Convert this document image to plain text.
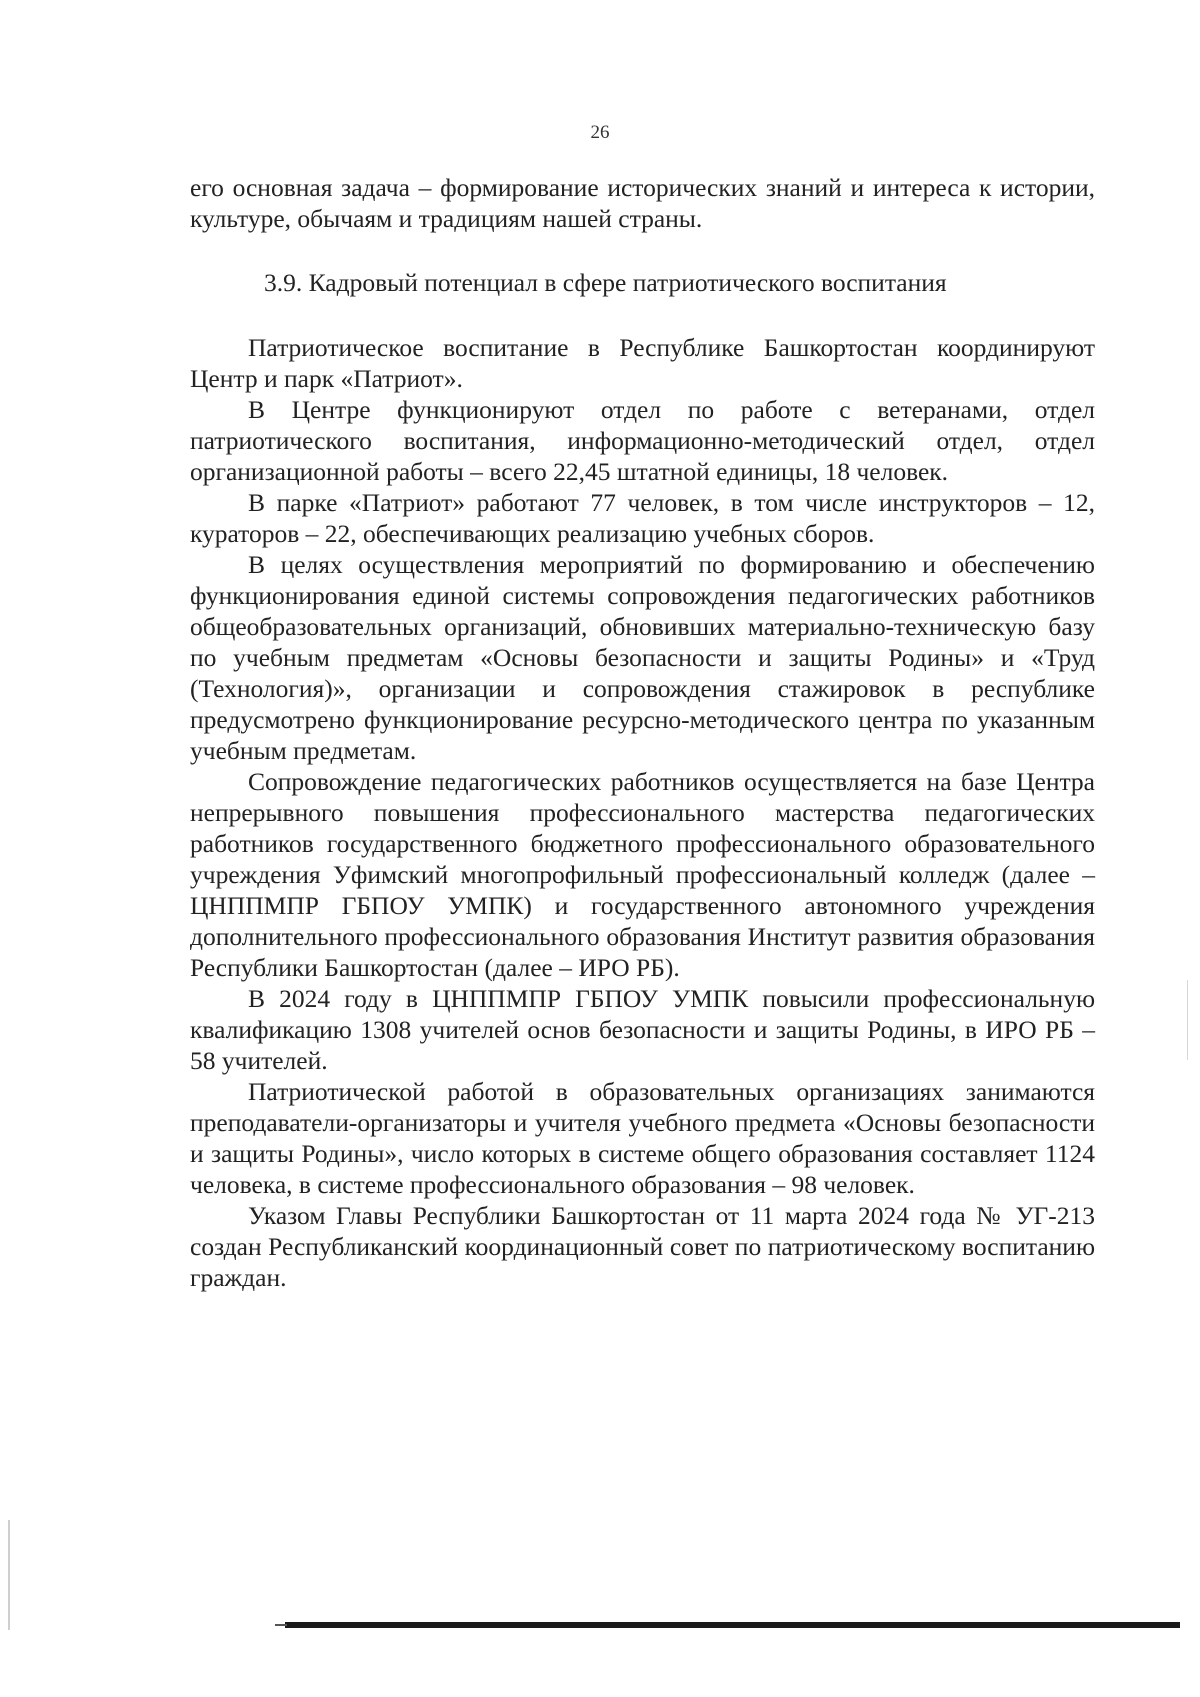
26

его основная задача – формирование исторических знаний и интереса к истории, культуре, обычаям и традициям нашей страны.

3.9. Кадровый потенциал в сфере патриотического воспитания

Патриотическое воспитание в Республике Башкортостан координируют Центр и парк «Патриот».

В Центре функционируют отдел по работе с ветеранами, отдел патриотического воспитания, информационно-методический отдел, отдел организационной работы – всего 22,45 штатной единицы, 18 человек.

В парке «Патриот» работают 77 человек, в том числе инструкторов – 12, кураторов – 22, обеспечивающих реализацию учебных сборов.

В целях осуществления мероприятий по формированию и обеспечению функционирования единой системы сопровождения педагогических работников общеобразовательных организаций, обновивших материально-техническую базу по учебным предметам «Основы безопасности и защиты Родины» и «Труд (Технология)», организации и сопровождения стажировок в республике предусмотрено функционирование ресурсно-методического центра по указанным учебным предметам.

Сопровождение педагогических работников осуществляется на базе Центра непрерывного повышения профессионального мастерства педагогических работников государственного бюджетного профессионального образовательного учреждения Уфимский многопрофильный профессиональный колледж (далее – ЦНППМПР ГБПОУ УМПК) и государственного автономного учреждения дополнительного профессионального образования Институт развития образования Республики Башкортостан (далее – ИРО РБ).

В 2024 году в ЦНППМПР ГБПОУ УМПК повысили профессиональную квалификацию 1308 учителей основ безопасности и защиты Родины, в ИРО РБ – 58 учителей.

Патриотической работой в образовательных организациях занимаются преподаватели-организаторы и учителя учебного предмета «Основы безопасности и защиты Родины», число которых в системе общего образования составляет 1124 человека, в системе профессионального образования – 98 человек.

Указом Главы Республики Башкортостан от 11 марта 2024 года № УГ-213 создан Республиканский координационный совет по патриотическому воспитанию граждан.
